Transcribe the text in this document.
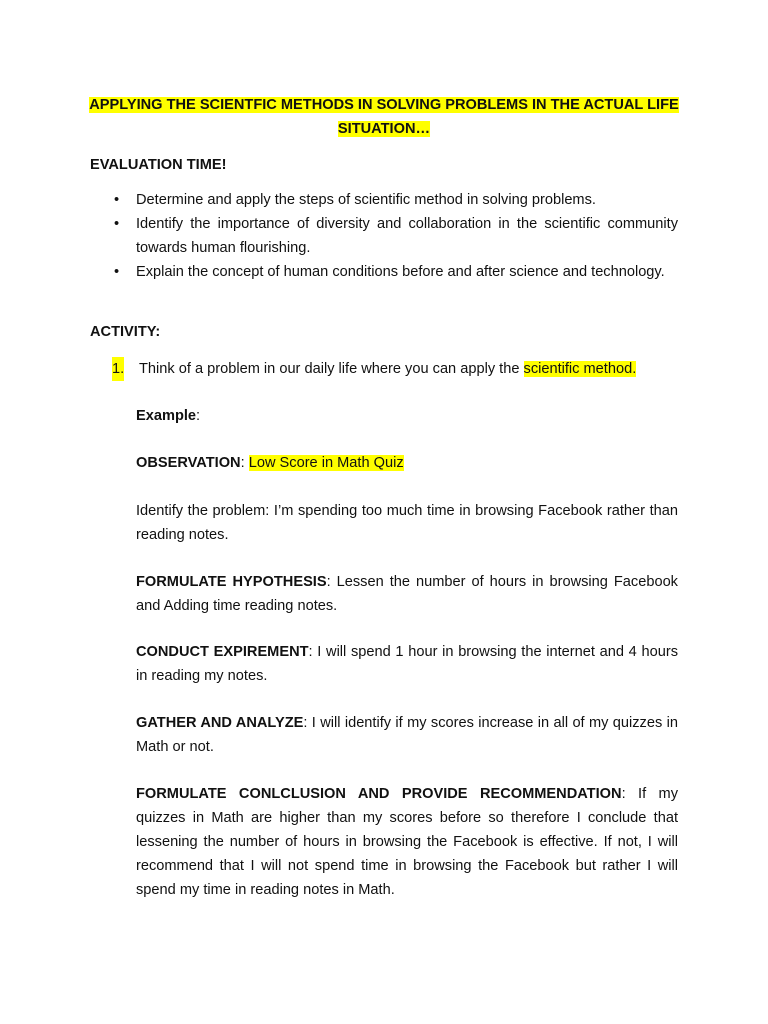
APPLYING THE SCIENTFIC METHODS IN SOLVING PROBLEMS IN THE ACTUAL LIFE SITUATION…
EVALUATION TIME!
• Determine and apply the steps of scientific method in solving problems.
• Identify the importance of diversity and collaboration in the scientific community towards human flourishing.
• Explain the concept of human conditions before and after science and technology.
ACTIVITY:
1. Think of a problem in our daily life where you can apply the scientific method.
Example:
OBSERVATION: Low Score in Math Quiz
Identify the problem: I’m spending too much time in browsing Facebook rather than reading notes.
FORMULATE HYPOTHESIS: Lessen the number of hours in browsing Facebook and Adding time reading notes.
CONDUCT EXPIREMENT: I will spend 1 hour in browsing the internet and 4 hours in reading my notes.
GATHER AND ANALYZE: I will identify if my scores increase in all of my quizzes in Math or not.
FORMULATE CONLCLUSION AND PROVIDE RECOMMENDATION: If my quizzes in Math are higher than my scores before so therefore I conclude that lessening the number of hours in browsing the Facebook is effective. If not, I will recommend that I will not spend time in browsing the Facebook but rather I will spend my time in reading notes in Math.
